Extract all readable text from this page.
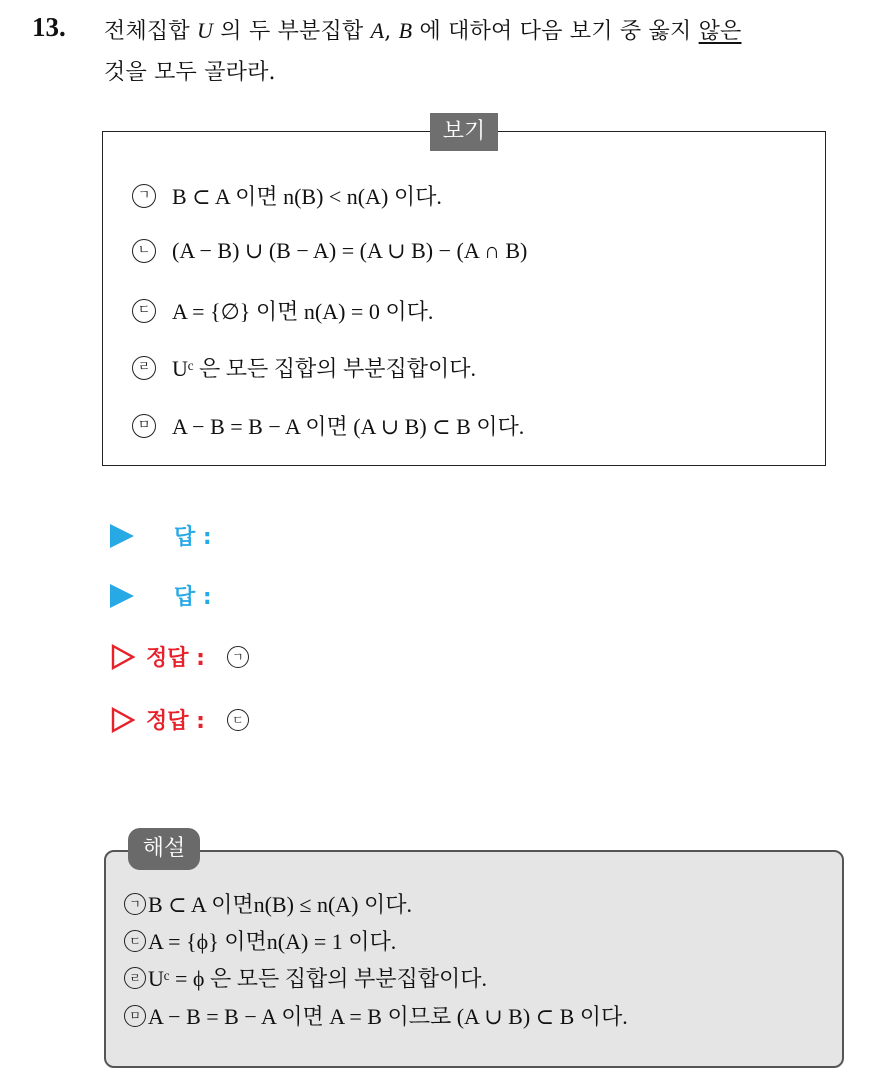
13. 전체집합 U 의 두 부분집합 A, B 에 대하여 다음 보기 중 옳지 않은
것을 모두 골라라.
보기
ㄱ B ⊂ A 이면 n(B) < n(A) 이다.
ㄴ (A − B) ∪ (B − A) = (A ∪ B) − (A ∩ B)
ㄷ A = {∅} 이면 n(A) = 0 이다.
ㄹ Uᶜ 은 모든 집합의 부분집합이다.
ㅁ A − B = B − A 이면 (A ∪ B) ⊂ B 이다.
답 :
답 :
정답 :	ㄱ
정답 :	ㄷ
해설
ㄱ B ⊂ A 이면n(B) ≤ n(A) 이다.
ㄷ A = {ϕ} 이면n(A) = 1 이다.
ㄹ Uᶜ = ϕ 은 모든 집합의 부분집합이다.
ㅁ A − B = B − A 이면 A = B 이므로 (A ∪ B) ⊂ B 이다.
